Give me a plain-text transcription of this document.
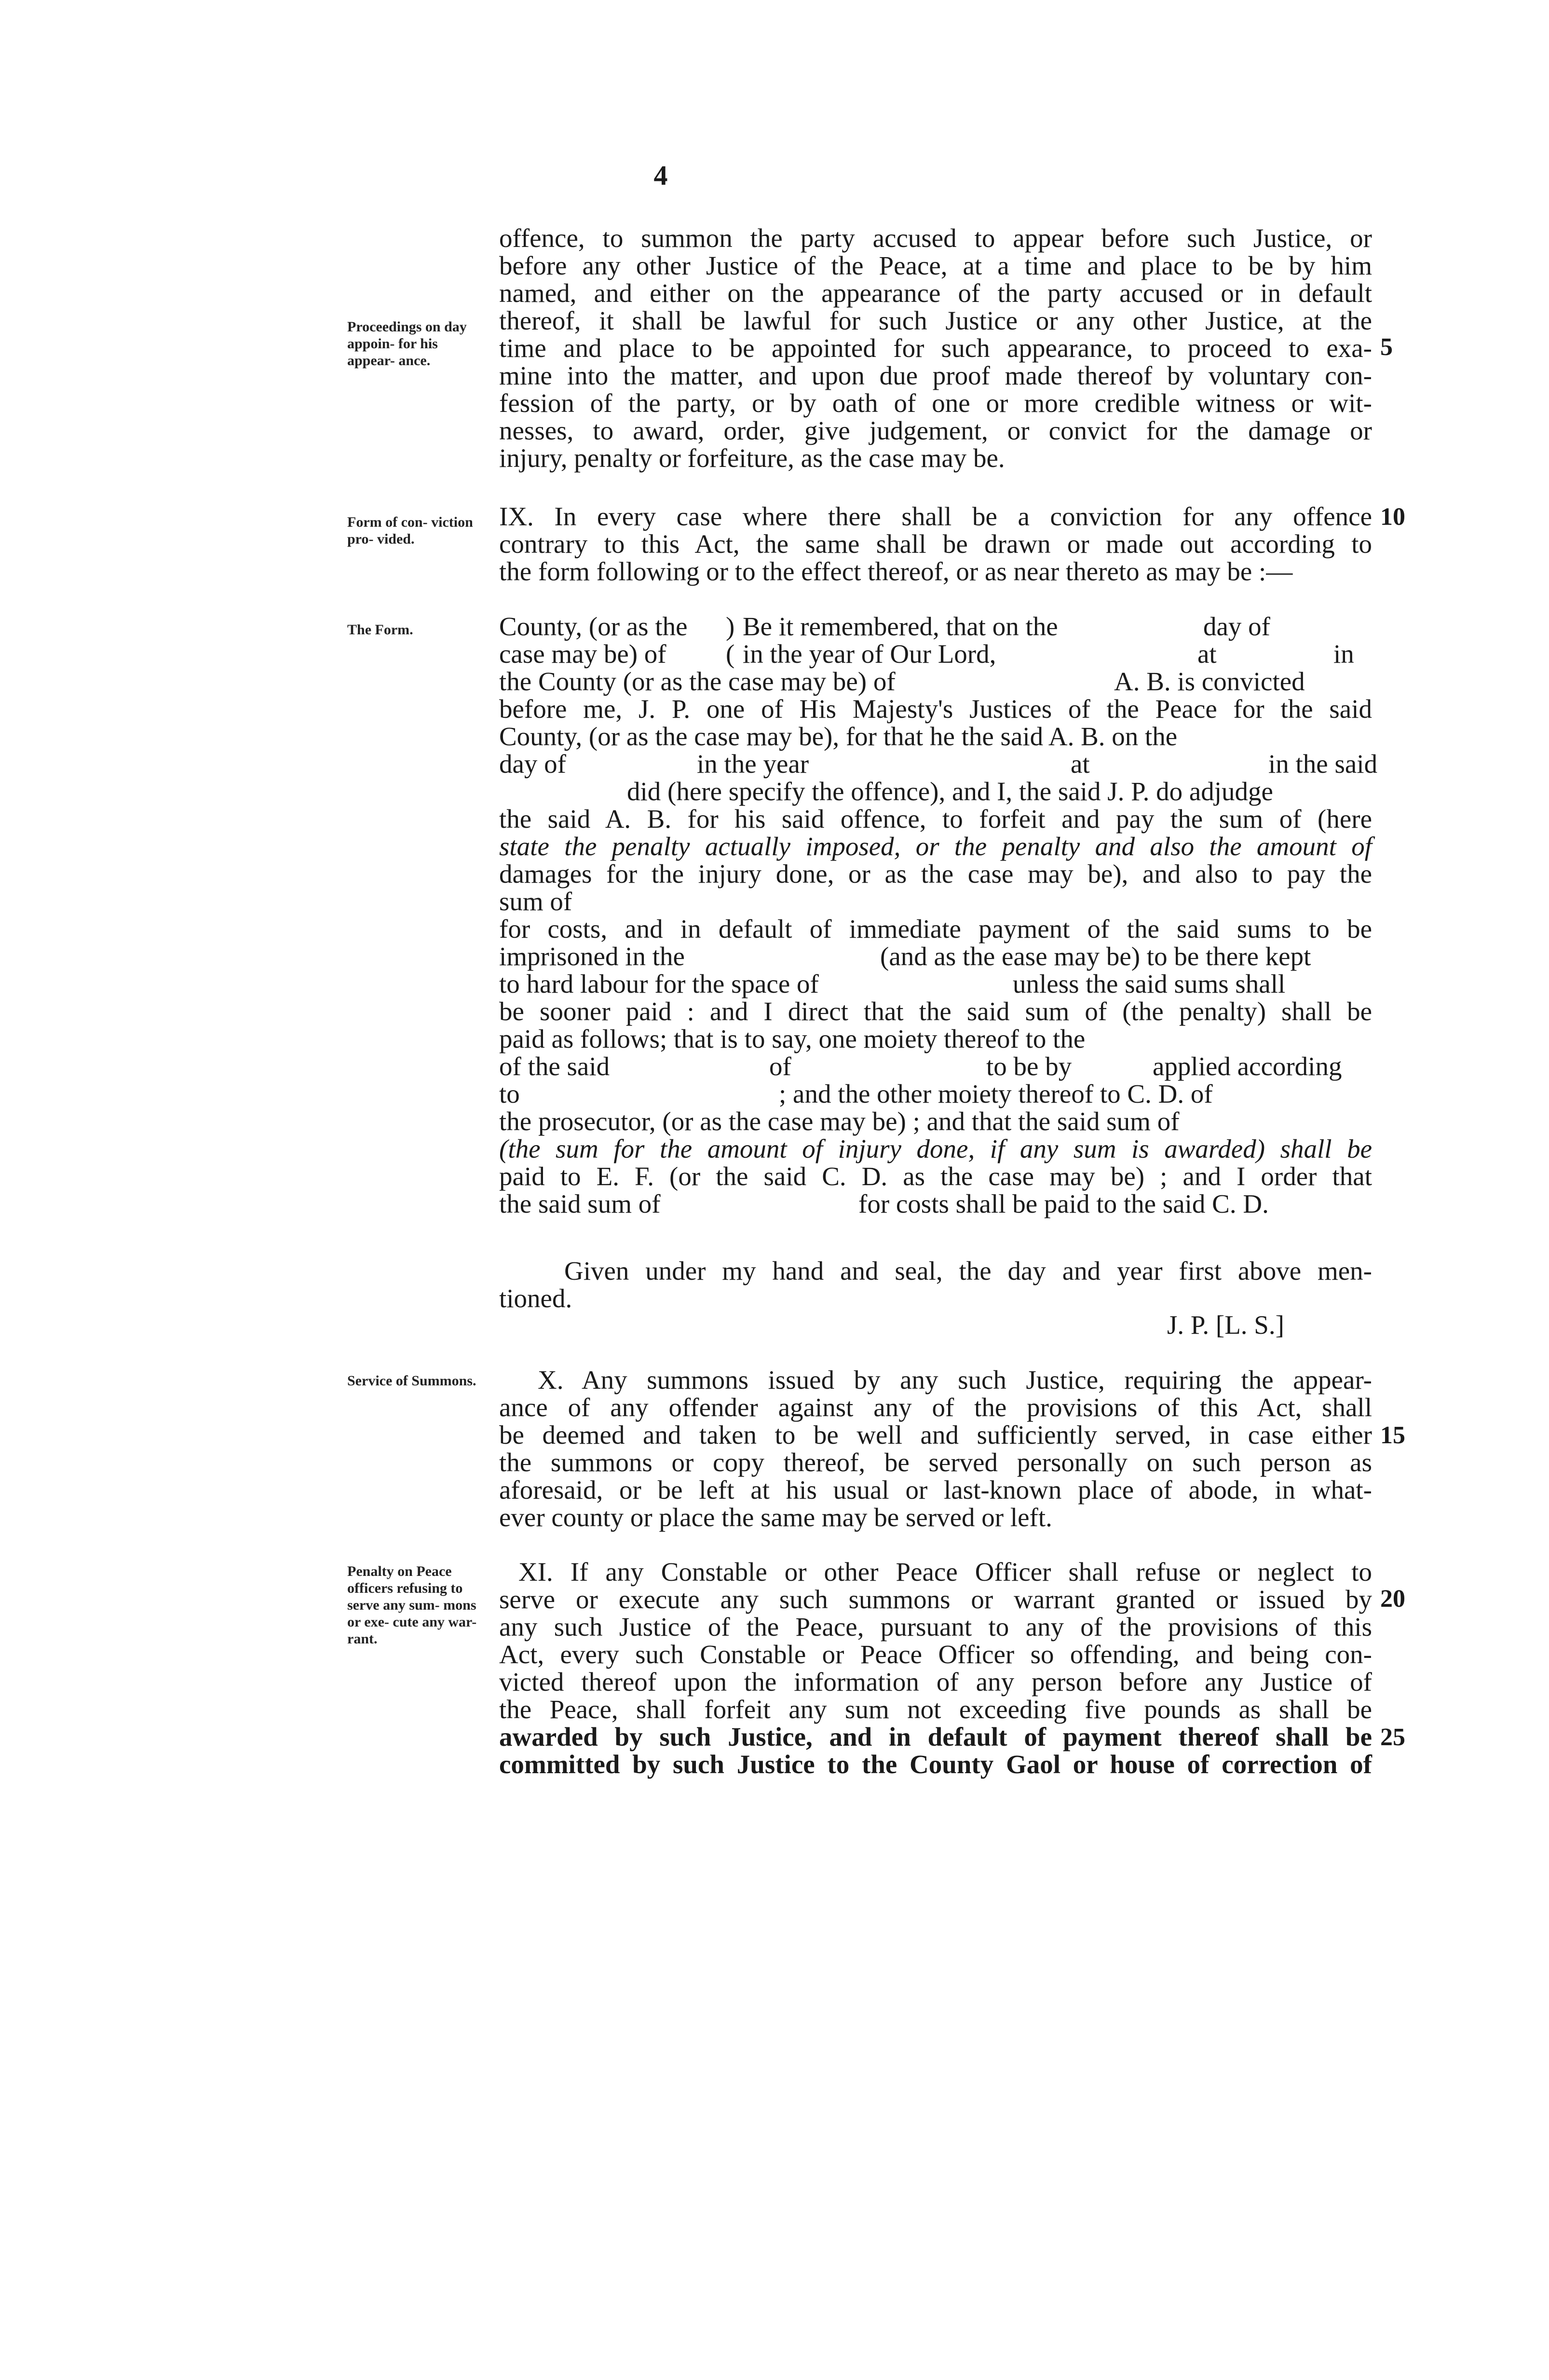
4
Proceedings on day appoin- for his appear- ance.
offence, to summon the party accused to appear before such Justice, or
before any other Justice of the Peace, at a time and place to be by him
named, and either on the appearance of the party accused or in default
thereof, it shall be lawful for such Justice or any other Justice, at the
time and place to be appointed for such appearance, to proceed to exa-
mine into the matter, and upon due proof made thereof by voluntary con-
fession of the party, or by oath of one or more credible witness or wit-
nesses, to award, order, give judgement, or convict for the damage or
injury, penalty or forfeiture, as the case may be.
5
Form of con- viction pro- vided.
IX. In every case where there shall be a conviction for any offence
contrary to this Act, the same shall be drawn or made out according to
the form following or to the effect thereof, or as near thereto as may be :—
10
The Form.	County, (or as the ) Be it remembered, that on the	day of
case may be) of ( in the year of Our Lord,	at	in
the County (or as the case may be) of	A. B. is convicted
before me, J. P. one of His Majesty's Justices of the Peace for the said
County, (or as the case may be), for that he the said A. B. on the
day of	in the year	at	in the said
did (here specify the offence), and I, the said J. P. do adjudge
the said A. B. for his said offence, to forfeit and pay the sum of (here
state the penalty actually imposed, or the penalty and also the amount of
damages for the injury done, or as the case may be), and also to pay the
sum of
for costs, and in default of immediate payment of the said sums to be
imprisoned in the	(and as the ease may be) to be there kept
to hard labour for the space of	unless the said sums shall
be sooner paid : and I direct that the said sum of (the penalty) shall be
paid as follows; that is to say, one moiety thereof to the
of the said	of	to be by	applied according
to	; and the other moiety thereof to C. D. of
the prosecutor, (or as the case may be) ; and that the said sum of
(the sum for the amount of injury done, if any sum is awarded) shall be
paid to E. F. (or the said C. D. as the case may be) ; and I order that
the said sum of	for costs shall be paid to the said C. D.
Given under my hand and seal, the day and year first above men-
tioned.
J. P. [L. S.]
Service of Summons.	X. Any summons issued by any such Justice, requiring the appear-
ance of any offender against any of the provisions of this Act, shall
be deemed and taken to be well and sufficiently served, in case either
the summons or copy thereof, be served personally on such person as
aforesaid, or be left at his usual or last-known place of abode, in what-
ever county or place the same may be served or left.
15
Penalty on Peace officers refusing to serve any sum- mons or exe- cute any war- rant.
XI. If any Constable or other Peace Officer shall refuse or neglect to
serve or execute any such summons or warrant granted or issued by
any such Justice of the Peace, pursuant to any of the provisions of this
Act, every such Constable or Peace Officer so offending, and being con-
victed thereof upon the information of any person before any Justice of
the Peace, shall forfeit any sum not exceeding five pounds as shall be
awarded by such Justice, and in default of payment thereof shall be
committed by such Justice to the County Gaol or house of correction of
20
25
